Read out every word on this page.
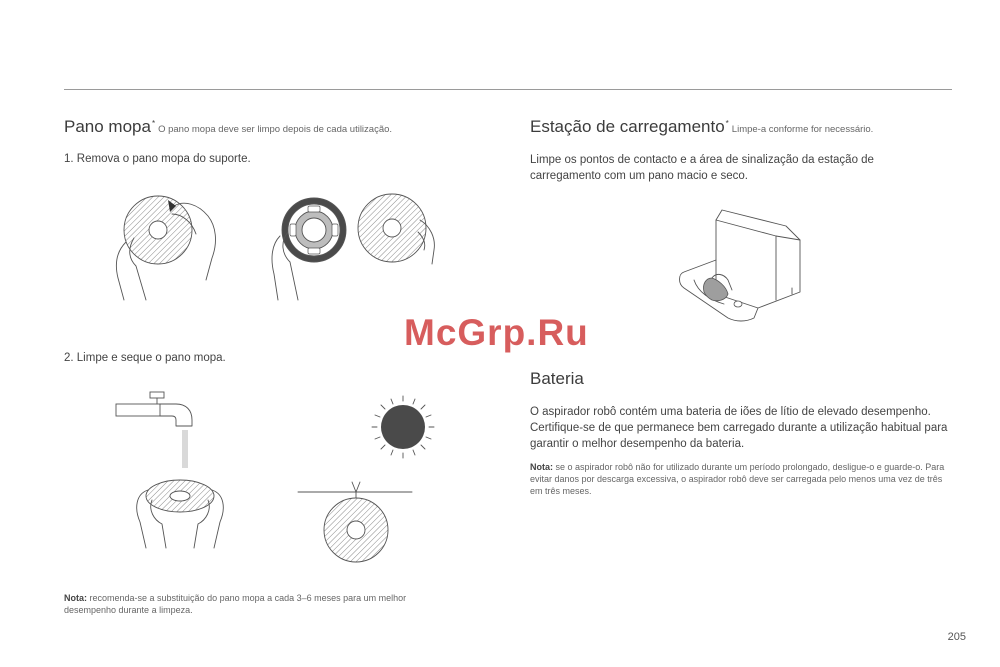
Pano mopa*O pano mopa deve ser limpo depois de cada utilização.
1. Remova o pano mopa do suporte.
2. Limpe e seque o pano mopa.
Nota: recomenda-se a substituição do pano mopa a cada 3–6 meses para um melhor desempenho durante a limpeza.
Estação de carregamento*Limpe-a conforme for necessário.
Limpe os pontos de contacto e a área de sinalização da estação de carregamento com um pano macio e seco.
Bateria
O aspirador robô contém uma bateria de iões de lítio de elevado desempenho. Certifique-se de que permanece bem carregado durante a utilização habitual para garantir o melhor desempenho da bateria.
Nota: se o aspirador robô não for utilizado durante um período prolongado, desligue-o e guarde-o. Para evitar danos por descarga excessiva, o aspirador robô deve ser carregada pelo menos uma vez de três em três meses.
McGrp.Ru
205
